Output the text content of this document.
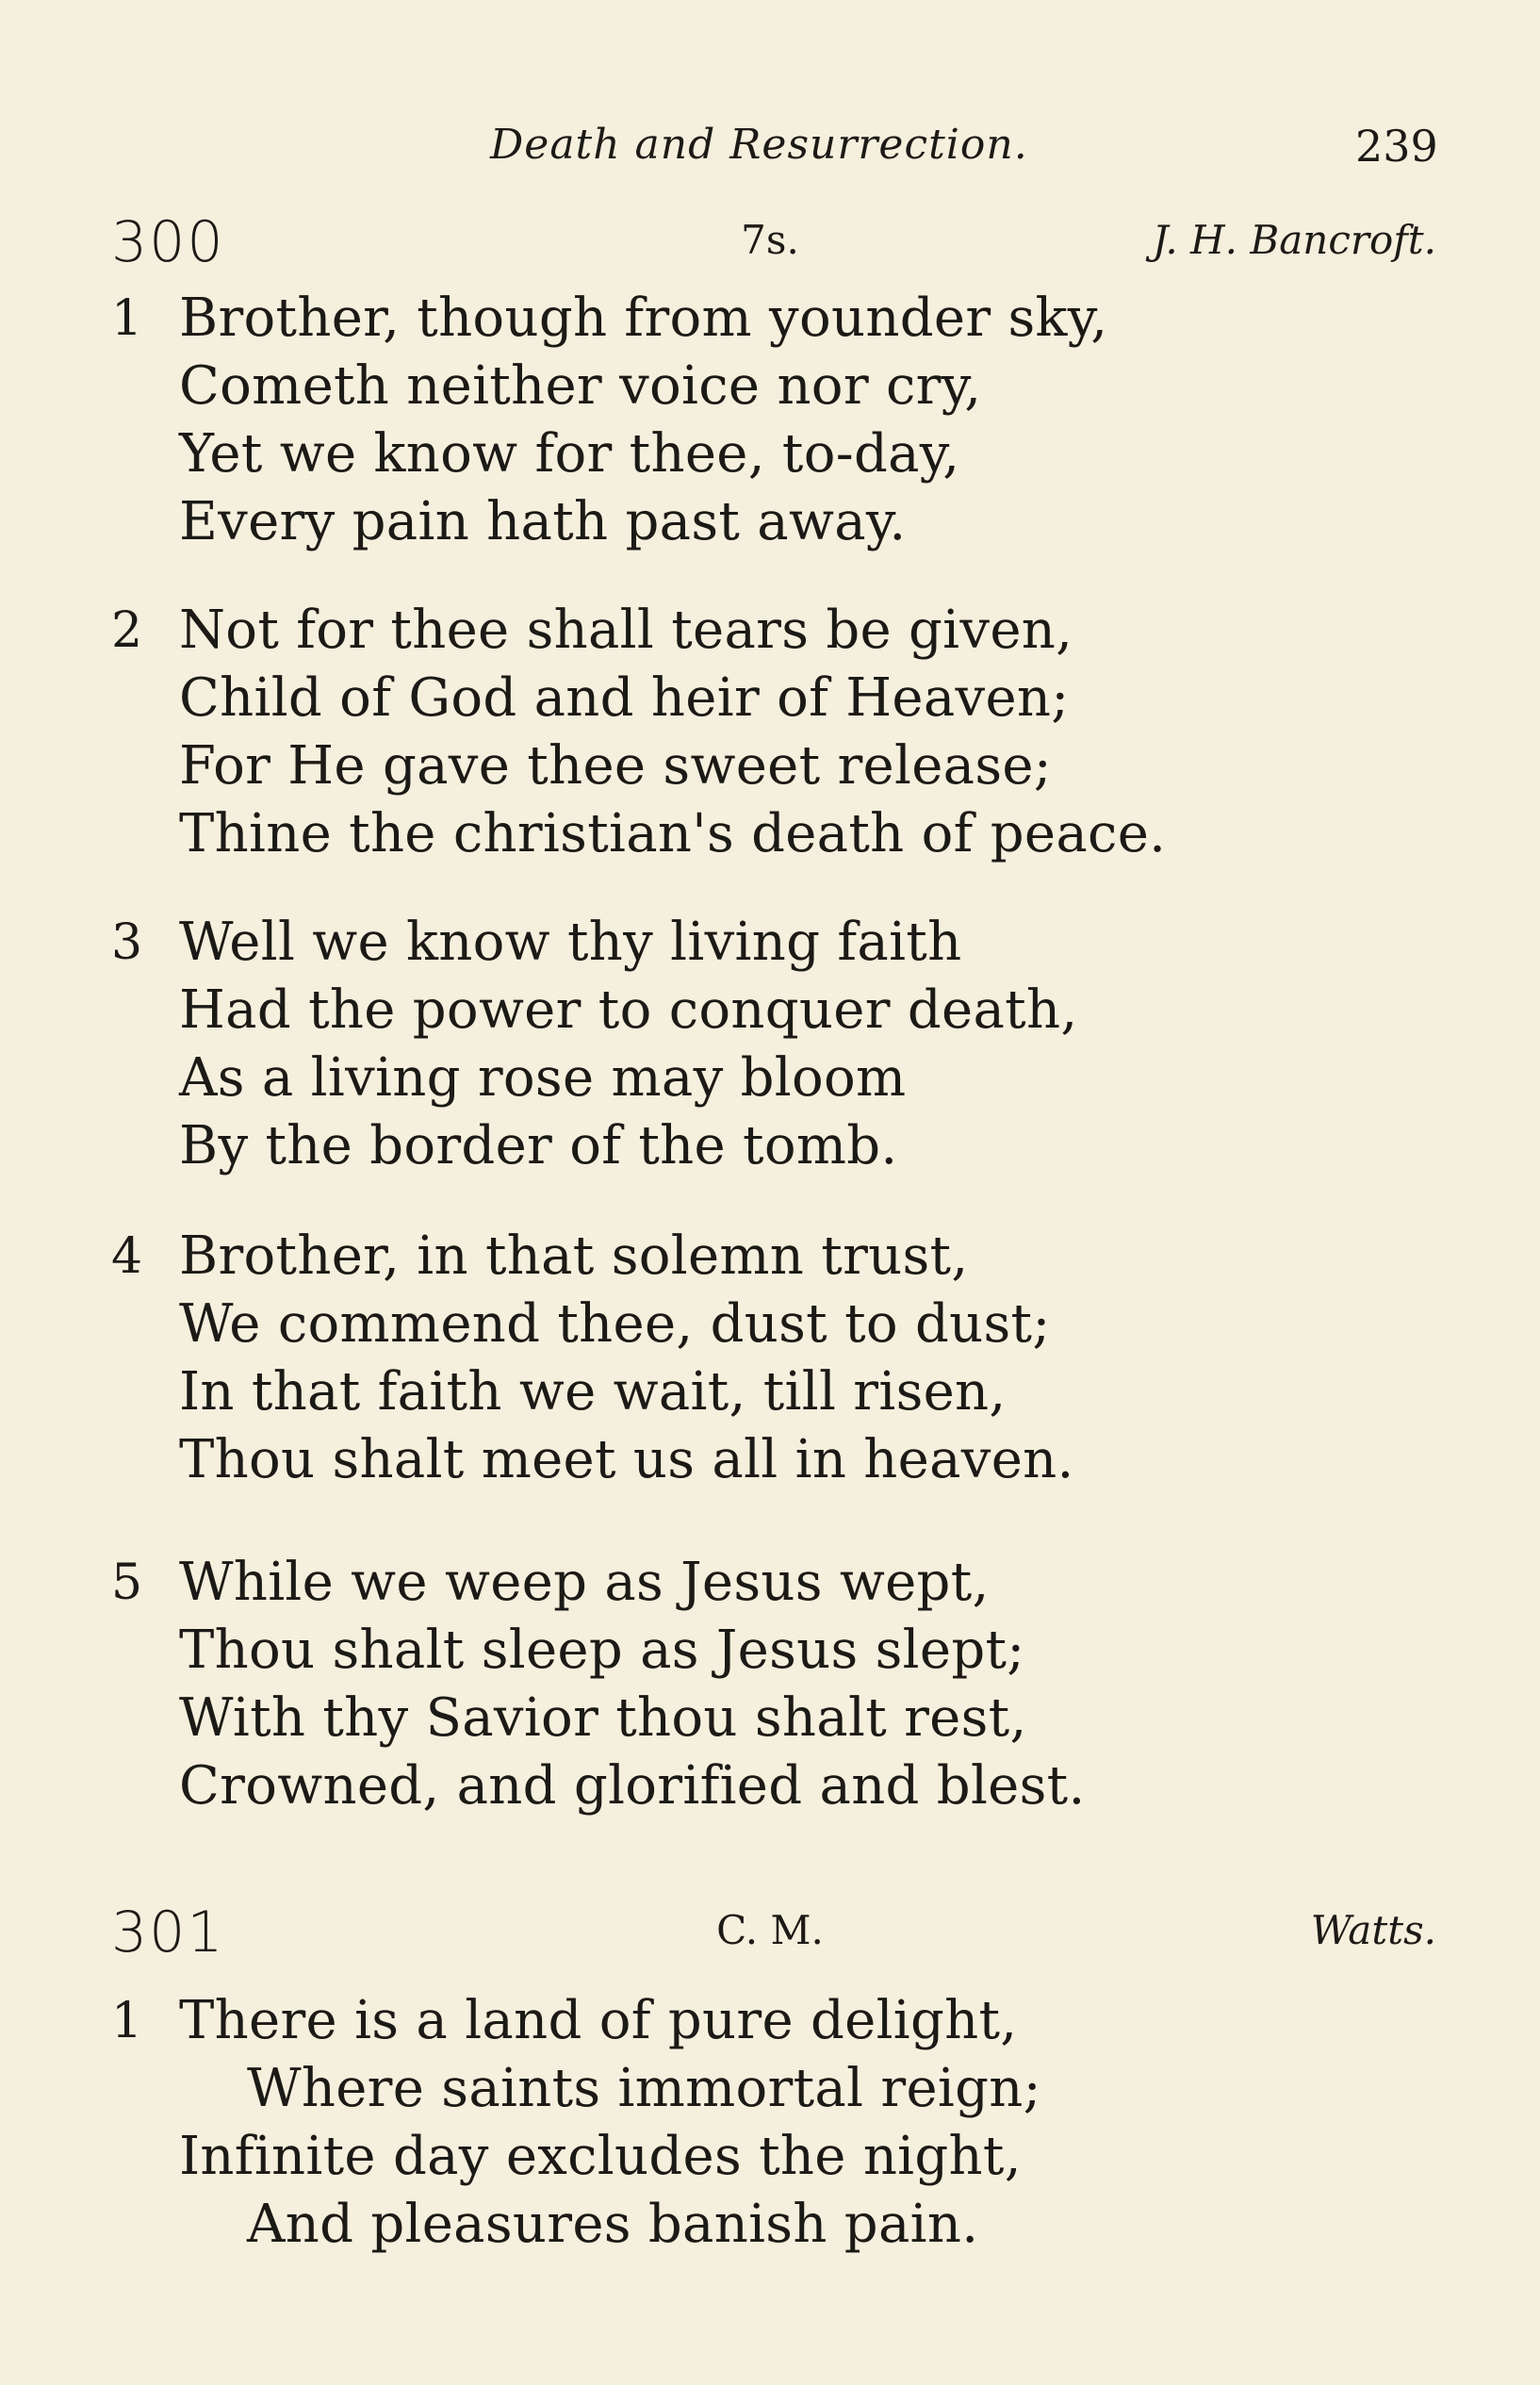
Death and Resurrection.	239
300	7s.	J. H. Bancroft.
1 Brother, though from younder sky,
Cometh neither voice nor cry,
Yet we know for thee, to-day,
Every pain hath past away.
2 Not for thee shall tears be given,
Child of God and heir of Heaven;
For He gave thee sweet release;
Thine the christian's death of peace.
3 Well we know thy living faith
Had the power to conquer death,
As a living rose may bloom
By the border of the tomb.
4 Brother, in that solemn trust,
We commend thee, dust to dust;
In that faith we wait, till risen,
Thou shalt meet us all in heaven.
5 While we weep as Jesus wept,
Thou shalt sleep as Jesus slept;
With thy Savior thou shalt rest,
Crowned, and glorified and blest.
301	C. M.	Watts.
1 There is a land of pure delight,
Where saints immortal reign;
Infinite day excludes the night,
And pleasures banish pain.
